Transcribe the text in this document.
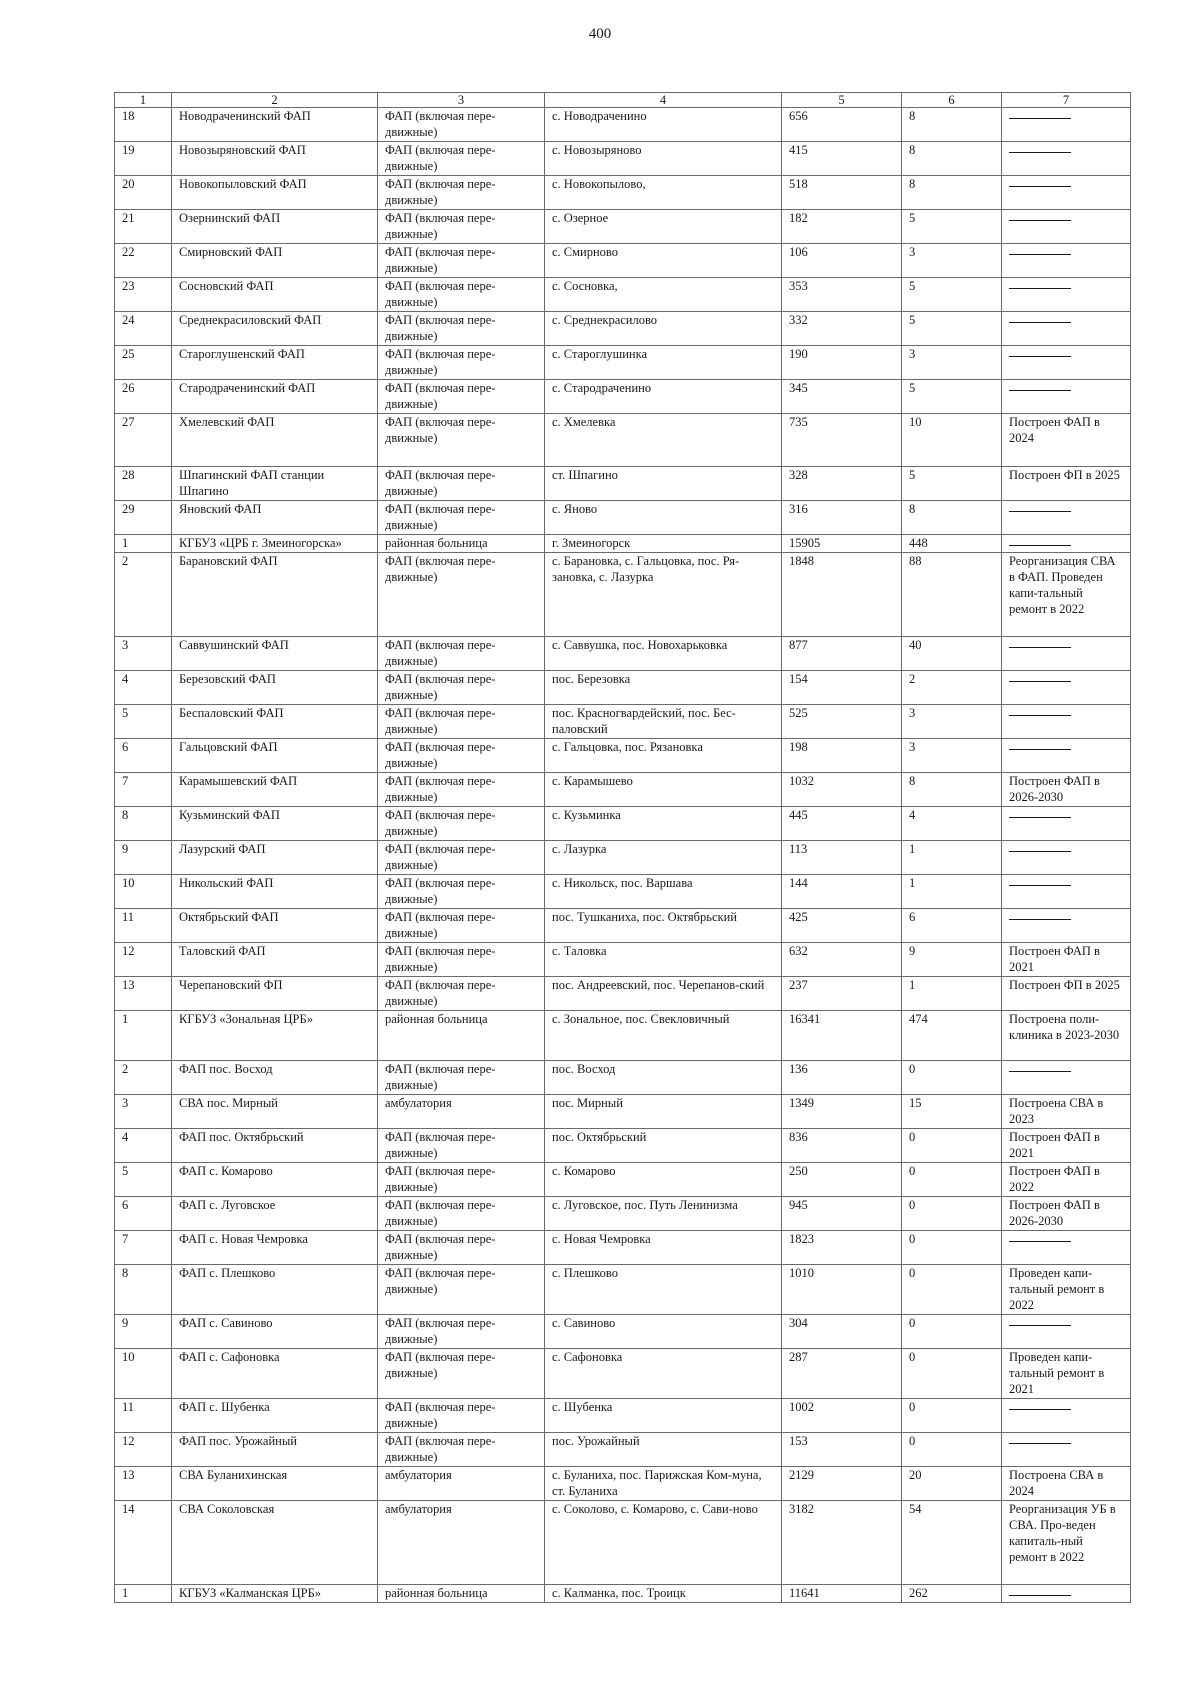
400
1	2	3	4	5	6	7
18	Новодраченинский ФАП	ФАП (включая пере-движные)	с. Новодраченино	656	8	
19	Новозыряновский ФАП	ФАП (включая пере-движные)	с. Новозыряново	415	8	
20	Новокопыловский ФАП	ФАП (включая пере-движные)	с. Новокопылово,	518	8	
21	Озернинский ФАП	ФАП (включая пере-движные)	с. Озерное	182	5	
22	Смирновский ФАП	ФАП (включая пере-движные)	с. Смирново	106	3	
23	Сосновский ФАП	ФАП (включая пере-движные)	с. Сосновка,	353	5	
24	Среднекрасиловский ФАП	ФАП (включая пере-движные)	с. Среднекрасилово	332	5	
25	Староглушенский ФАП	ФАП (включая пере-движные)	с. Староглушинка	190	3	
26	Стародраченинский ФАП	ФАП (включая пере-движные)	с. Стародраченино	345	5	
27	Хмелевский ФАП	ФАП (включая пере-движные)	с. Хмелевка	735	10	Построен ФАП в 2024
28	Шпагинский ФАП станции Шпагино	ФАП (включая пере-движные)	ст. Шпагино	328	5	Построен ФП в 2025
29	Яновский ФАП	ФАП (включая пере-движные)	с. Яново	316	8	
1	КГБУЗ «ЦРБ г. Змеиногорска»	районная больница	г. Змеиногорск	15905	448	
2	Барановский ФАП	ФАП (включая пере-движные)	с. Барановка, с. Гальцовка, пос. Ря-зановка, с. Лазурка	1848	88	Реорганизация СВА в ФАП. Проведен капи-тальный ремонт в 2022
3	Саввушинский ФАП	ФАП (включая пере-движные)	с. Саввушка, пос. Новохарьковка	877	40	
4	Березовский ФАП	ФАП (включая пере-движные)	пос. Березовка	154	2	
5	Беспаловский ФАП	ФАП (включая пере-движные)	пос. Красногвардейский, пос. Бес-паловский	525	3	
6	Гальцовский ФАП	ФАП (включая пере-движные)	с. Гальцовка, пос. Рязановка	198	3	
7	Карамышевский ФАП	ФАП (включая пере-движные)	с. Карамышево	1032	8	Построен ФАП в 2026-2030
8	Кузьминский ФАП	ФАП (включая пере-движные)	с. Кузьминка	445	4	
9	Лазурский ФАП	ФАП (включая пере-движные)	с. Лазурка	113	1	
10	Никольский ФАП	ФАП (включая пере-движные)	с. Никольск, пос. Варшава	144	1	
11	Октябрьский ФАП	ФАП (включая пере-движные)	пос. Тушканиха, пос. Октябрьский	425	6	
12	Таловский ФАП	ФАП (включая пере-движные)	с. Таловка	632	9	Построен ФАП в 2021
13	Черепановский ФП	ФАП (включая пере-движные)	пос. Андреевский, пос. Черепанов-ский	237	1	Построен ФП в 2025
1	КГБУЗ «Зональная ЦРБ»	районная больница	с. Зональное, пос. Свекловичный	16341	474	Построена поли-клиника в 2023-2030
2	ФАП пос. Восход	ФАП (включая пере-движные)	пос. Восход	136	0	
3	СВА пос. Мирный	амбулатория	пос. Мирный	1349	15	Построена СВА в 2023
4	ФАП пос. Октябрьский	ФАП (включая пере-движные)	пос. Октябрьский	836	0	Построен ФАП в 2021
5	ФАП с. Комарово	ФАП (включая пере-движные)	с. Комарово	250	0	Построен ФАП в 2022
6	ФАП с. Луговское	ФАП (включая пере-движные)	с. Луговское, пос. Путь Ленинизма	945	0	Построен ФАП в 2026-2030
7	ФАП с. Новая Чемровка	ФАП (включая пере-движные)	с. Новая Чемровка	1823	0	
8	ФАП с. Плешково	ФАП (включая пере-движные)	с. Плешково	1010	0	Проведен капи-тальный ремонт в 2022
9	ФАП с. Савиново	ФАП (включая пере-движные)	с. Савиново	304	0	
10	ФАП с. Сафоновка	ФАП (включая пере-движные)	с. Сафоновка	287	0	Проведен капи-тальный ремонт в 2021
11	ФАП с. Шубенка	ФАП (включая пере-движные)	с. Шубенка	1002	0	
12	ФАП пос. Урожайный	ФАП (включая пере-движные)	пос. Урожайный	153	0	
13	СВА Буланихинская	амбулатория	с. Буланиха, пос. Парижская Ком-муна, ст. Буланиха	2129	20	Построена СВА в 2024
14	СВА Соколовская	амбулатория	с. Соколово, с. Комарово, с. Сави-ново	3182	54	Реорганизация УБ в СВА. Про-веден капиталь-ный ремонт в 2022
1	КГБУЗ «Калманская ЦРБ»	районная больница	с. Калманка, пос. Троицк	11641	262	
